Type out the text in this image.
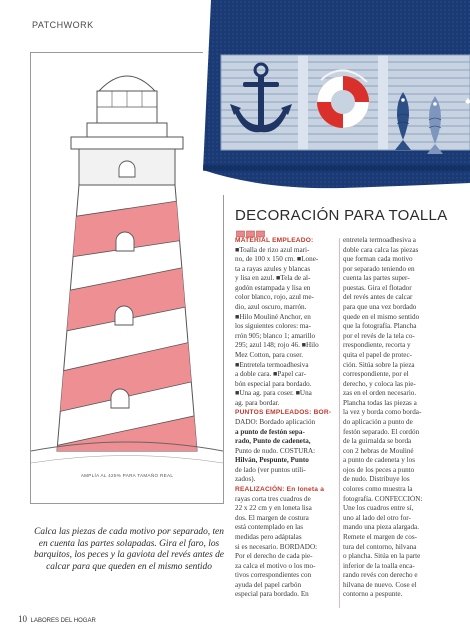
PATCHWORK
AMPLÍA AL 425% PARA TAMAÑO REAL
Calca las piezas de cada motivo por separado, ten en cuenta las partes solapadas. Gira el faro, los barquitos, los peces y la gaviota del revés antes de calcar para que queden en el mismo sentido
10 LABORES DEL HOGAR
DECORACIÓN PARA TOALLA
MATERIAL EMPLEADO:
■Toalla de rizo azul mari-
no, de 100 x 150 cm. ■Lone-
ta a rayas azules y blancas
y lisa en azul. ■Tela de al-
godón estampada y lisa en
color blanco, rojo, azul me-
dio, azul oscuro, marrón.
■Hilo Mouliné Anchor, en
los siguientes colores: ma-
rrón 905; blanco 1; amarillo
295; azul 148; rojo 46. ■Hilo
Mez Cotton, para coser.
■Entretela termoadhesiva
a doble cara. ■Papel car-
bón especial para bordado.
■Una ag. para coser. ■Una
ag. para bordar.
PUNTOS EMPLEADOS: BOR-
DADO: Bordado aplicación
a punto de festón sepa-
rado, Punto de cadeneta,
Punto de nudo. COSTURA:
Hilván, Pespunte, Punto
de lado (ver puntos utili-
zados).
REALIZACIÓN: En loneta a
rayas corta tres cuadros de
22 x 22 cm y en loneta lisa
dos. El margen de costura
está contemplado en las
medidas pero adáptalas
si es necesario. BORDADO:
Por el derecho de cada pie-
za calca el motivo o los mo-
tivos correspondientes con
ayuda del papel carbón
especial para bordado. En
entretela termoadhesiva a
doble cara calca las piezas
que forman cada motivo
por separado teniendo en
cuenta las partes super-
puestas. Gira el flotador
del revés antes de calcar
para que una vez bordado
quede en el mismo sentido
que la fotografía. Plancha
por el revés de la tela co-
rrespondiente, recorta y
quita el papel de protec-
ción. Sitúa sobre la pieza
correspondiente, por el
derecho, y coloca las pie-
zas en el orden necesario.
Plancha todas las piezas a
la vez y borda como borda-
do aplicación a punto de
festón separado. El cordón
de la guirnalda se borda
con 2 hebras de Mouliné
a punto de cadeneta y los
ojos de los peces a punto
de nudo. Distribuye los
colores como muestra la
fotografía. CONFECCIÓN:
Une los cuadros entre sí,
uno al lado del otro for-
mando una pieza alargada.
Remete el margen de cos-
tura del contorno, hilvana
o plancha. Sitúa en la parte
inferior de la toalla enca-
rando revés con derecho e
hilvana de nuevo. Cose el
contorno a pespunte.
